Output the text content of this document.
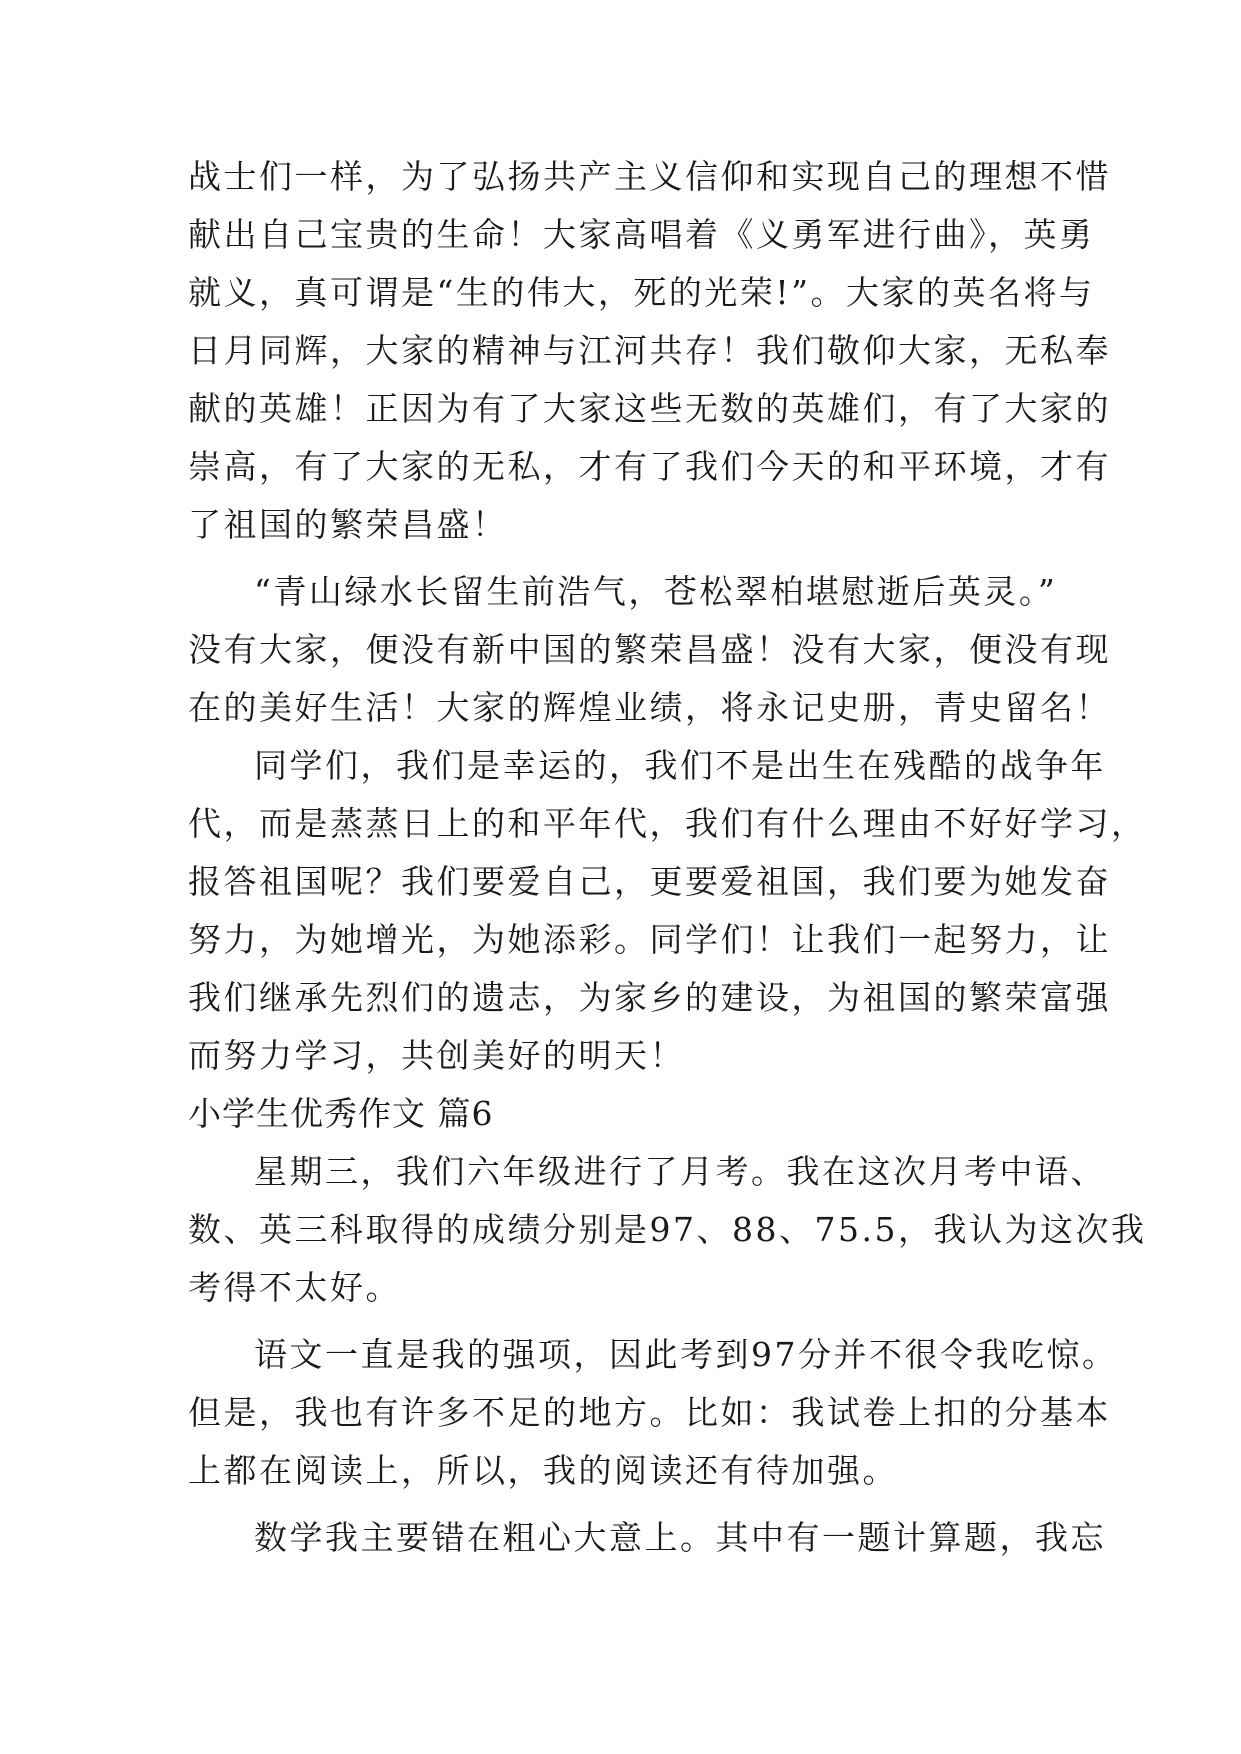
战士们一样，为了弘扬共产主义信仰和实现自己的理想不惜
献出自己宝贵的生命！大家高唱着《义勇军进行曲》，英勇
就义，真可谓是“生的伟大，死的光荣!”。大家的英名将与
日月同辉，大家的精神与江河共存！我们敬仰大家，无私奉
献的英雄！正因为有了大家这些无数的英雄们，有了大家的
崇高，有了大家的无私，才有了我们今天的和平环境，才有
了祖国的繁荣昌盛！
“青山绿水长留生前浩气，苍松翠柏堪慰逝后英灵。”
没有大家，便没有新中国的繁荣昌盛！没有大家，便没有现
在的美好生活！大家的辉煌业绩，将永记史册，青史留名！
同学们，我们是幸运的，我们不是出生在残酷的战争年
代，而是蒸蒸日上的和平年代，我们有什么理由不好好学习，
报答祖国呢？我们要爱自己，更要爱祖国，我们要为她发奋
努力，为她增光，为她添彩。同学们！让我们一起努力，让
我们继承先烈们的遗志，为家乡的建设，为祖国的繁荣富强
而努力学习，共创美好的明天！
小学生优秀作文 篇6
星期三，我们六年级进行了月考。我在这次月考中语、
数、英三科取得的成绩分别是97、88、75.5，我认为这次我
考得不太好。
语文一直是我的强项，因此考到97分并不很令我吃惊。
但是，我也有许多不足的地方。比如：我试卷上扣的分基本
上都在阅读上，所以，我的阅读还有待加强。
数学我主要错在粗心大意上。其中有一题计算题，我忘
